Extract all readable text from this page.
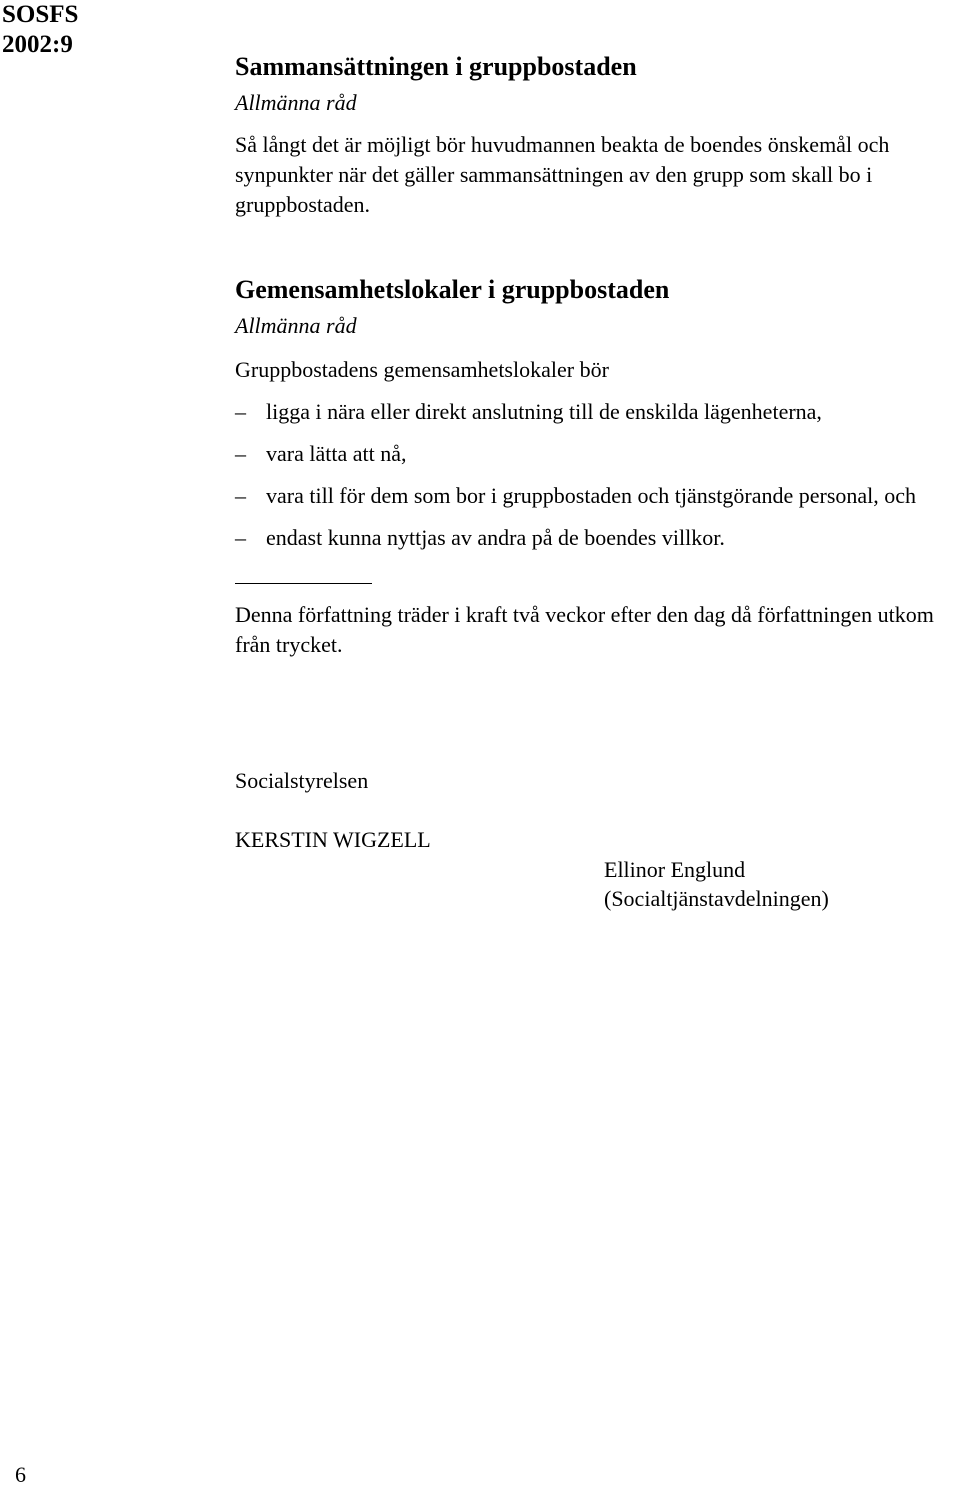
SOSFS
2002:9
Sammansättningen i gruppbostaden
Allmänna råd

Så långt det är möjligt bör huvudmannen beakta de boendes önskemål och synpunkter när det gäller sammansättningen av den grupp som skall bo i gruppbostaden.

Gemensamhetslokaler i gruppbostaden
Allmänna råd

Gruppbostadens gemensamhetslokaler bör

– ligga i nära eller direkt anslutning till de enskilda lägenheterna,
– vara lätta att nå,
– vara till för dem som bor i gruppbostaden och tjänstgörande personal, och
– endast kunna nyttjas av andra på de boendes villkor.

Denna författning träder i kraft två veckor efter den dag då författningen utkom från trycket.

Socialstyrelsen
KERSTIN WIGZELL
Ellinor Englund
(Socialtjänstavdelningen)
6
